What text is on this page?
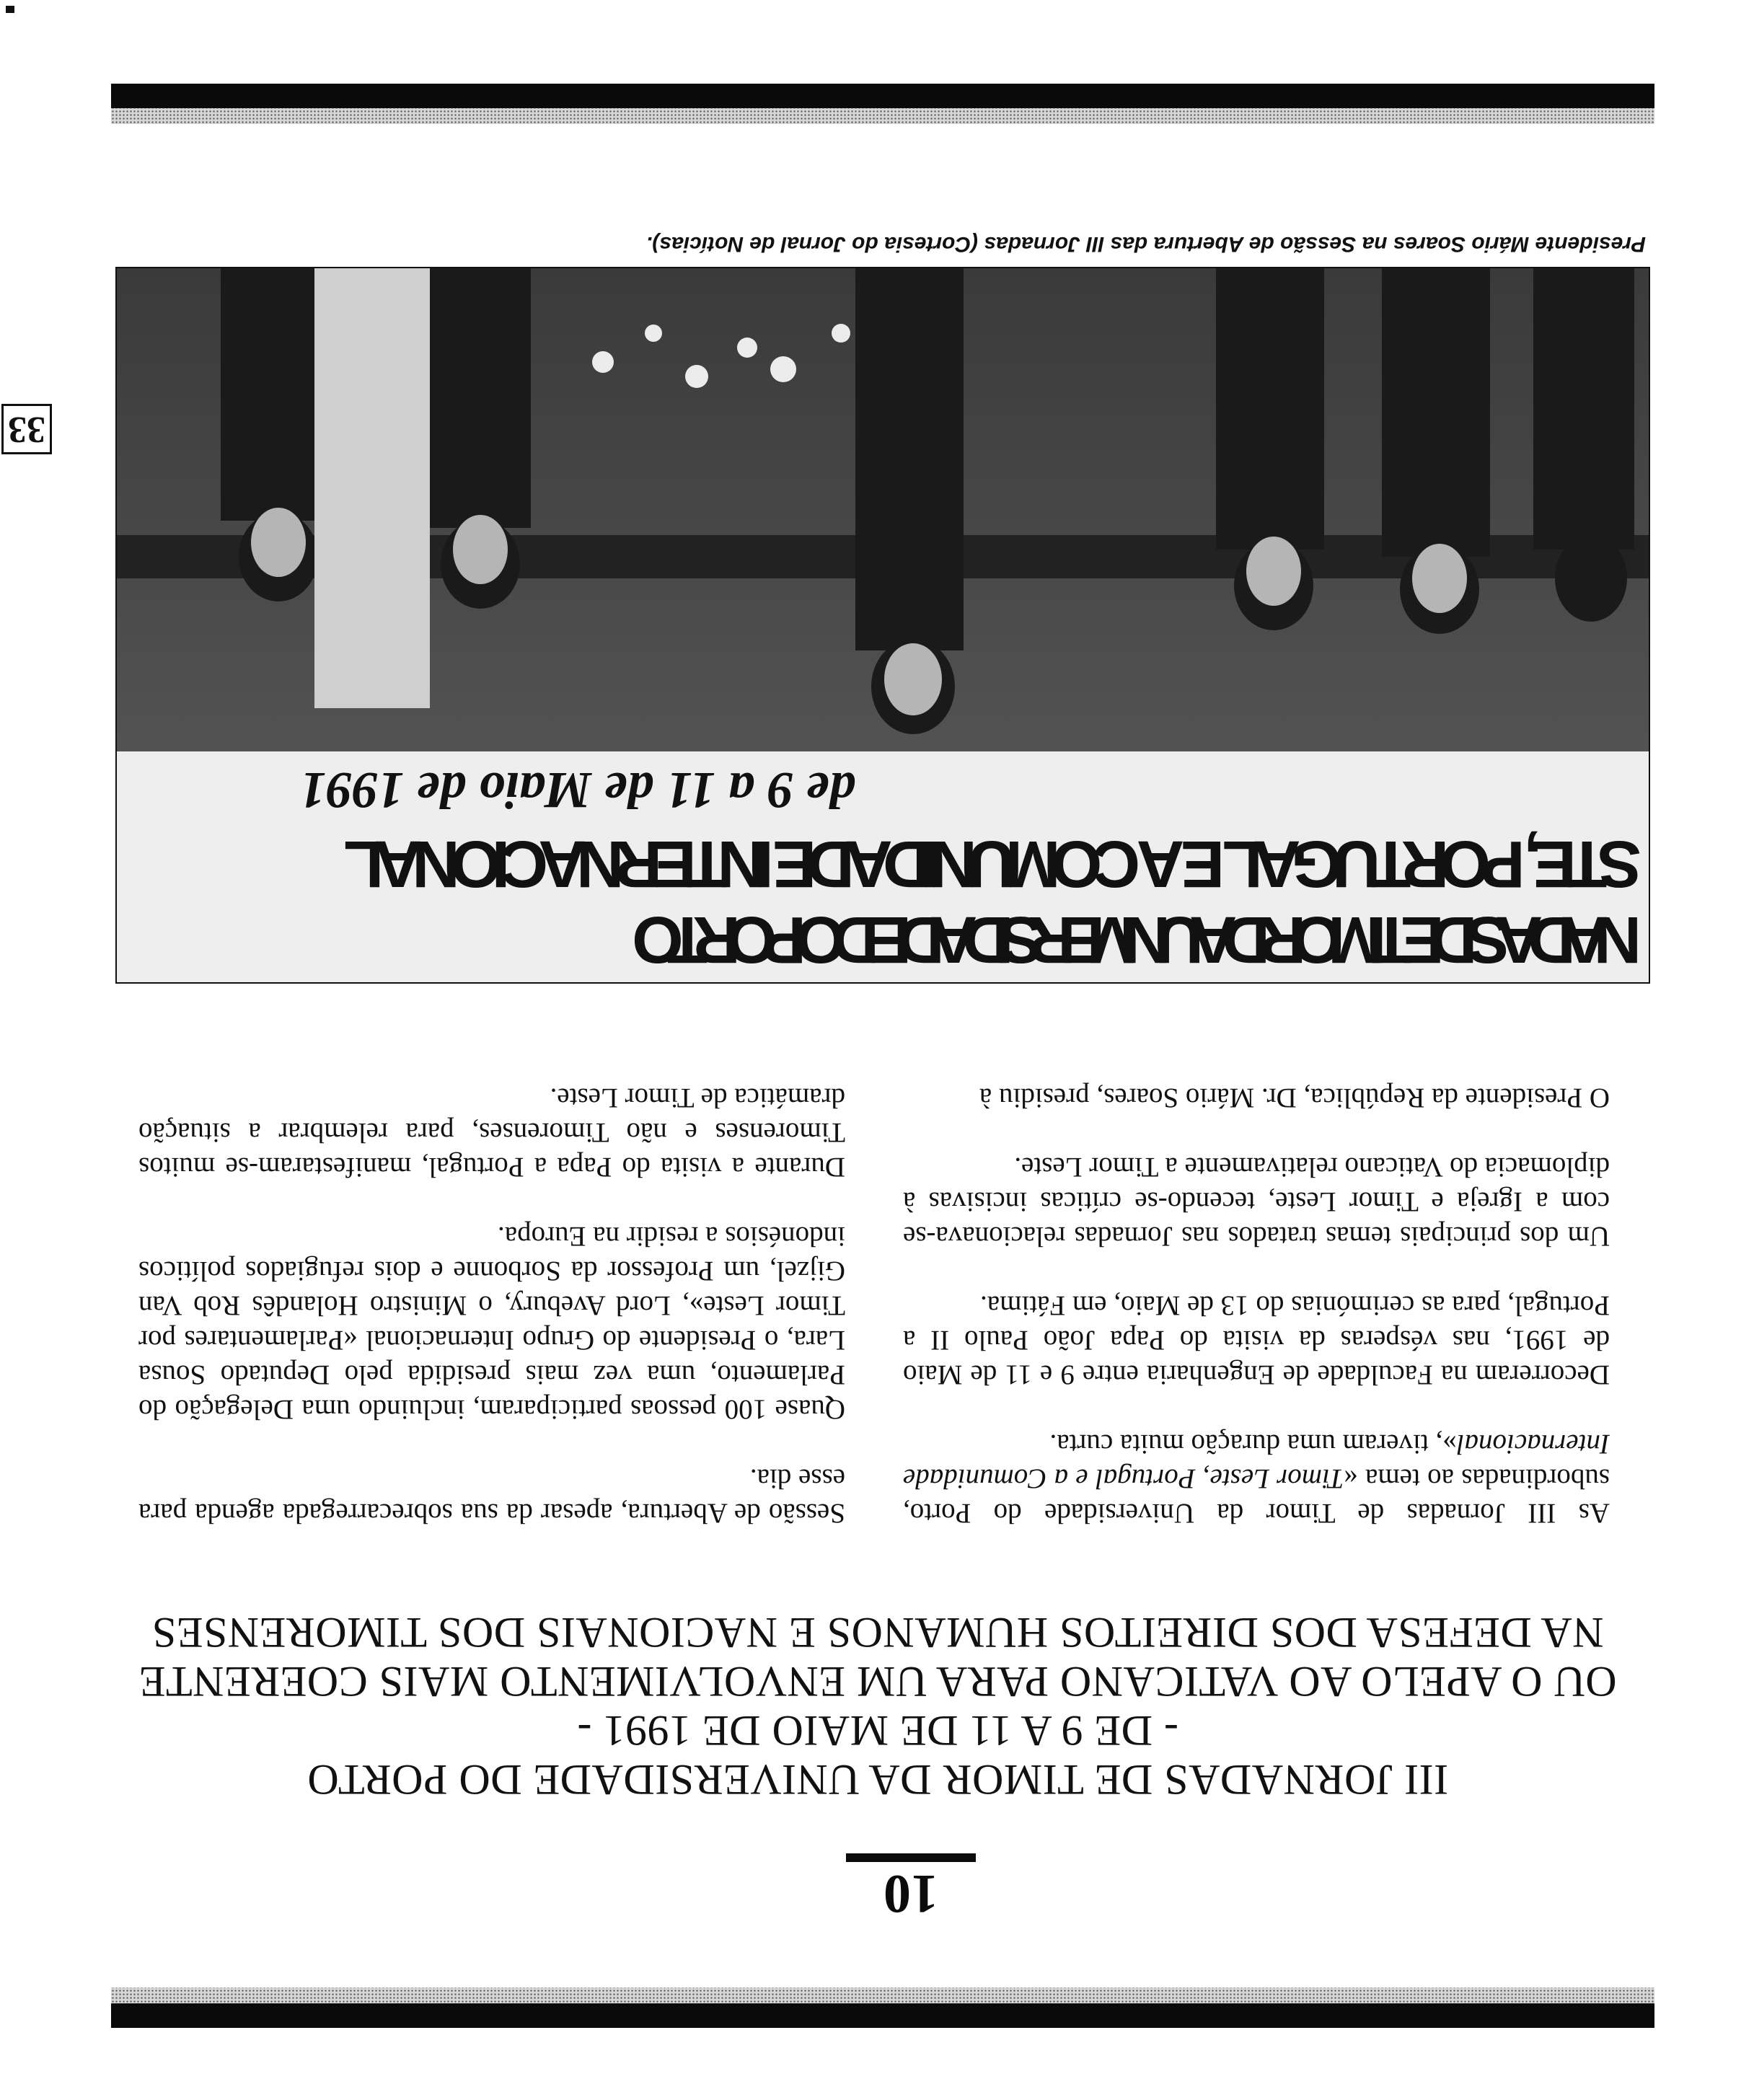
10
III JORNADAS DE TIMOR DA UNIVERSIDADE DO PORTO
- DE 9 A 11 DE MAIO DE 1991 -
OU O APELO AO VATICANO PARA UM ENVOLVIMENTO MAIS COERENTE
NA DEFESA DOS DIREITOS HUMANOS E NACIONAIS DOS TIMORENSES

As III Jornadas de Timor da Universidade do Porto, subordinadas ao tema «Timor Leste, Portugal e a Comunidade Internacional», tiveram uma duração muita curta.

Decorreram na Faculdade de Engenharia entre 9 e 11 de Maio de 1991, nas vésperas da visita do Papa João Paulo II a Portugal, para as cerimónias do 13 de Maio, em Fátima.

Um dos principais temas tratados nas Jornadas relacionava-se com a Igreja e Timor Leste, tecendo-se críticas incisivas à diplomacia do Vaticano relativamente a Timor Leste.

O Presidente da República, Dr. Mário Soares, presidiu à

Sessão de Abertura, apesar da sua sobrecarregada agenda para esse dia.

Quase 100 pessoas participaram, incluindo uma Delegação do Parlamento, uma vez mais presidida pelo Deputado Sousa Lara, o Presidente do Grupo Internacional «Parlamentares por Timor Leste», Lord Avebury, o Ministro Holandês Rob Van Gijzel, um Professor da Sorbonne e dois refugiados políticos indonésios a residir na Europa.

Durante a visita do Papa a Portugal, manifestaram-se muitos Timorenses e não Timorenses, para relembrar a situação dramática de Timor Leste.

NADAS DE TIMOR DA UNIVERSIDADE DO PORTO
STE, PORTUGAL E A COMUNIDADE INTERNACIONAL
de 9 a 11 de Maio de 1991
Presidente Mário Soares na Sessão de Abertura das III Jornadas (Cortesia do Jornal de Notícias).
33
